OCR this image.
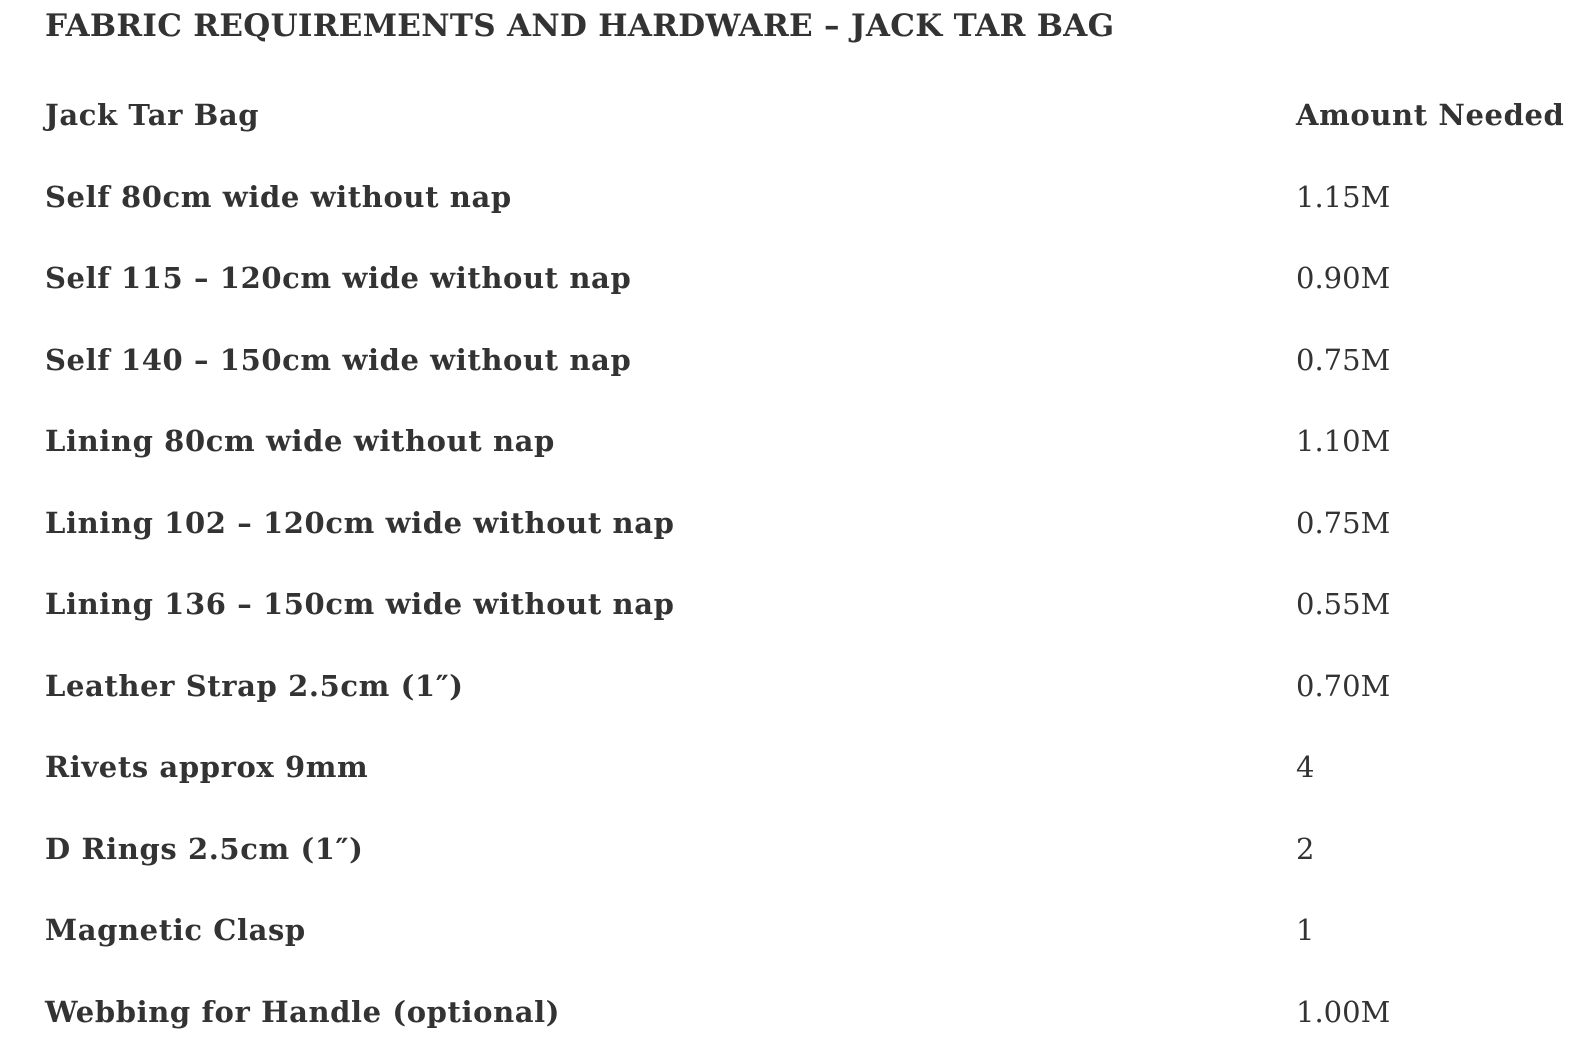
FABRIC REQUIREMENTS AND HARDWARE – JACK TAR BAG
Jack Tar Bag	Amount Needed
Self 80cm wide without nap	1.15M
Self 115 – 120cm wide without nap	0.90M
Self 140 – 150cm wide without nap	0.75M
Lining 80cm wide without nap	1.10M
Lining 102 – 120cm wide without nap	0.75M
Lining 136 – 150cm wide without nap	0.55M
Leather Strap 2.5cm (1″)	0.70M
Rivets approx 9mm	4
D Rings 2.5cm (1″)	2
Magnetic Clasp	1
Webbing for Handle (optional)	1.00M
